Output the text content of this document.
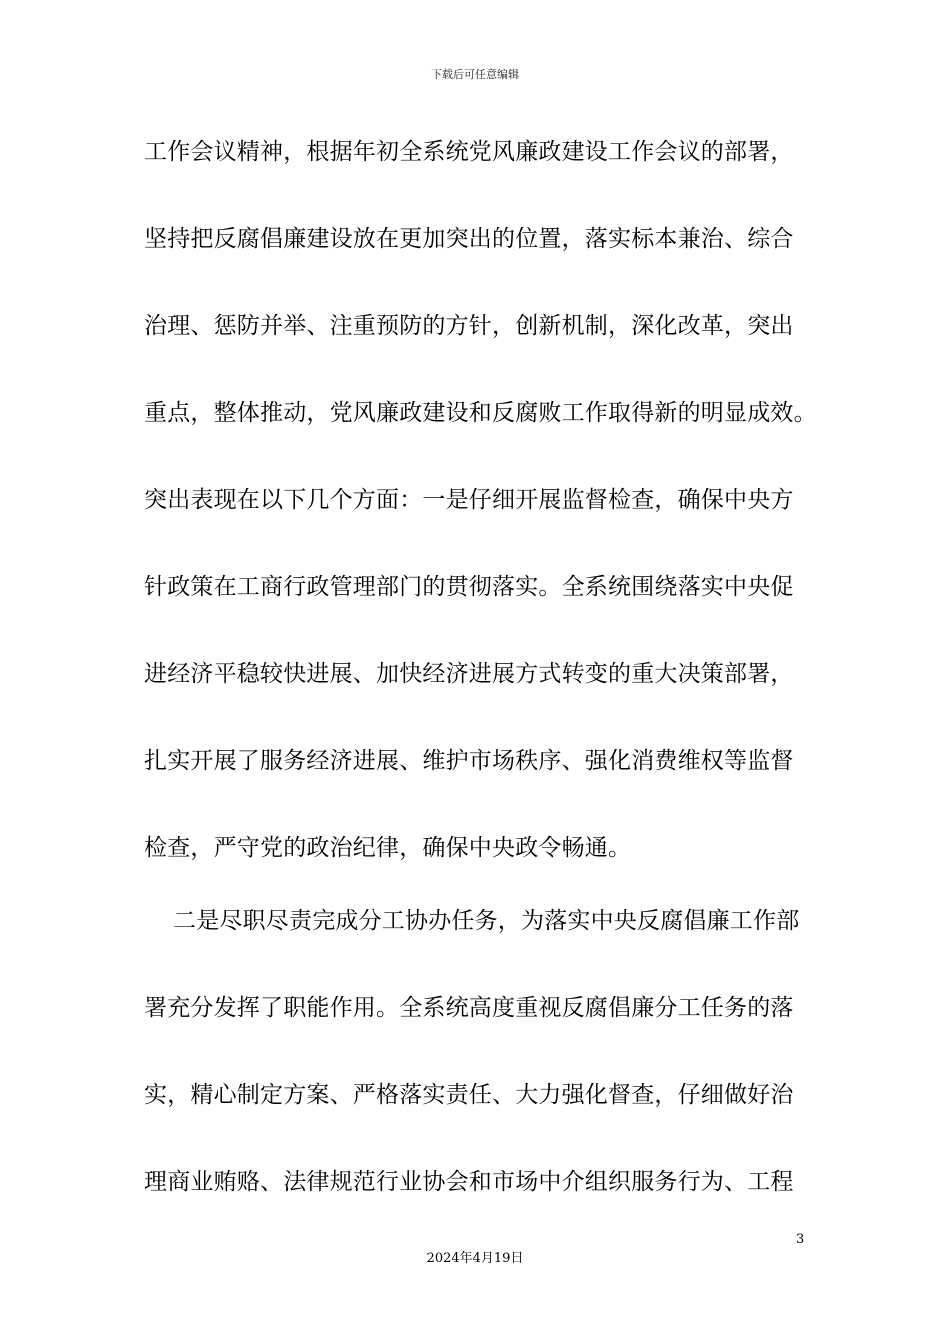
下载后可任意编辑
工作会议精神，根据年初全系统党风廉政建设工作会议的部署，
坚持把反腐倡廉建设放在更加突出的位置，落实标本兼治、综合
治理、惩防并举、注重预防的方针，创新机制，深化改革，突出
重点，整体推动，党风廉政建设和反腐败工作取得新的明显成效。
突出表现在以下几个方面：一是仔细开展监督检查，确保中央方
针政策在工商行政管理部门的贯彻落实。全系统围绕落实中央促
进经济平稳较快进展、加快经济进展方式转变的重大决策部署，
扎实开展了服务经济进展、维护市场秩序、强化消费维权等监督
检查，严守党的政治纪律，确保中央政令畅通。
二是尽职尽责完成分工协办任务，为落实中央反腐倡廉工作部
署充分发挥了职能作用。全系统高度重视反腐倡廉分工任务的落
实，精心制定方案、严格落实责任、大力强化督查，仔细做好治
理商业贿赂、法律规范行业协会和市场中介组织服务行为、工程
3
2024年4月19日
